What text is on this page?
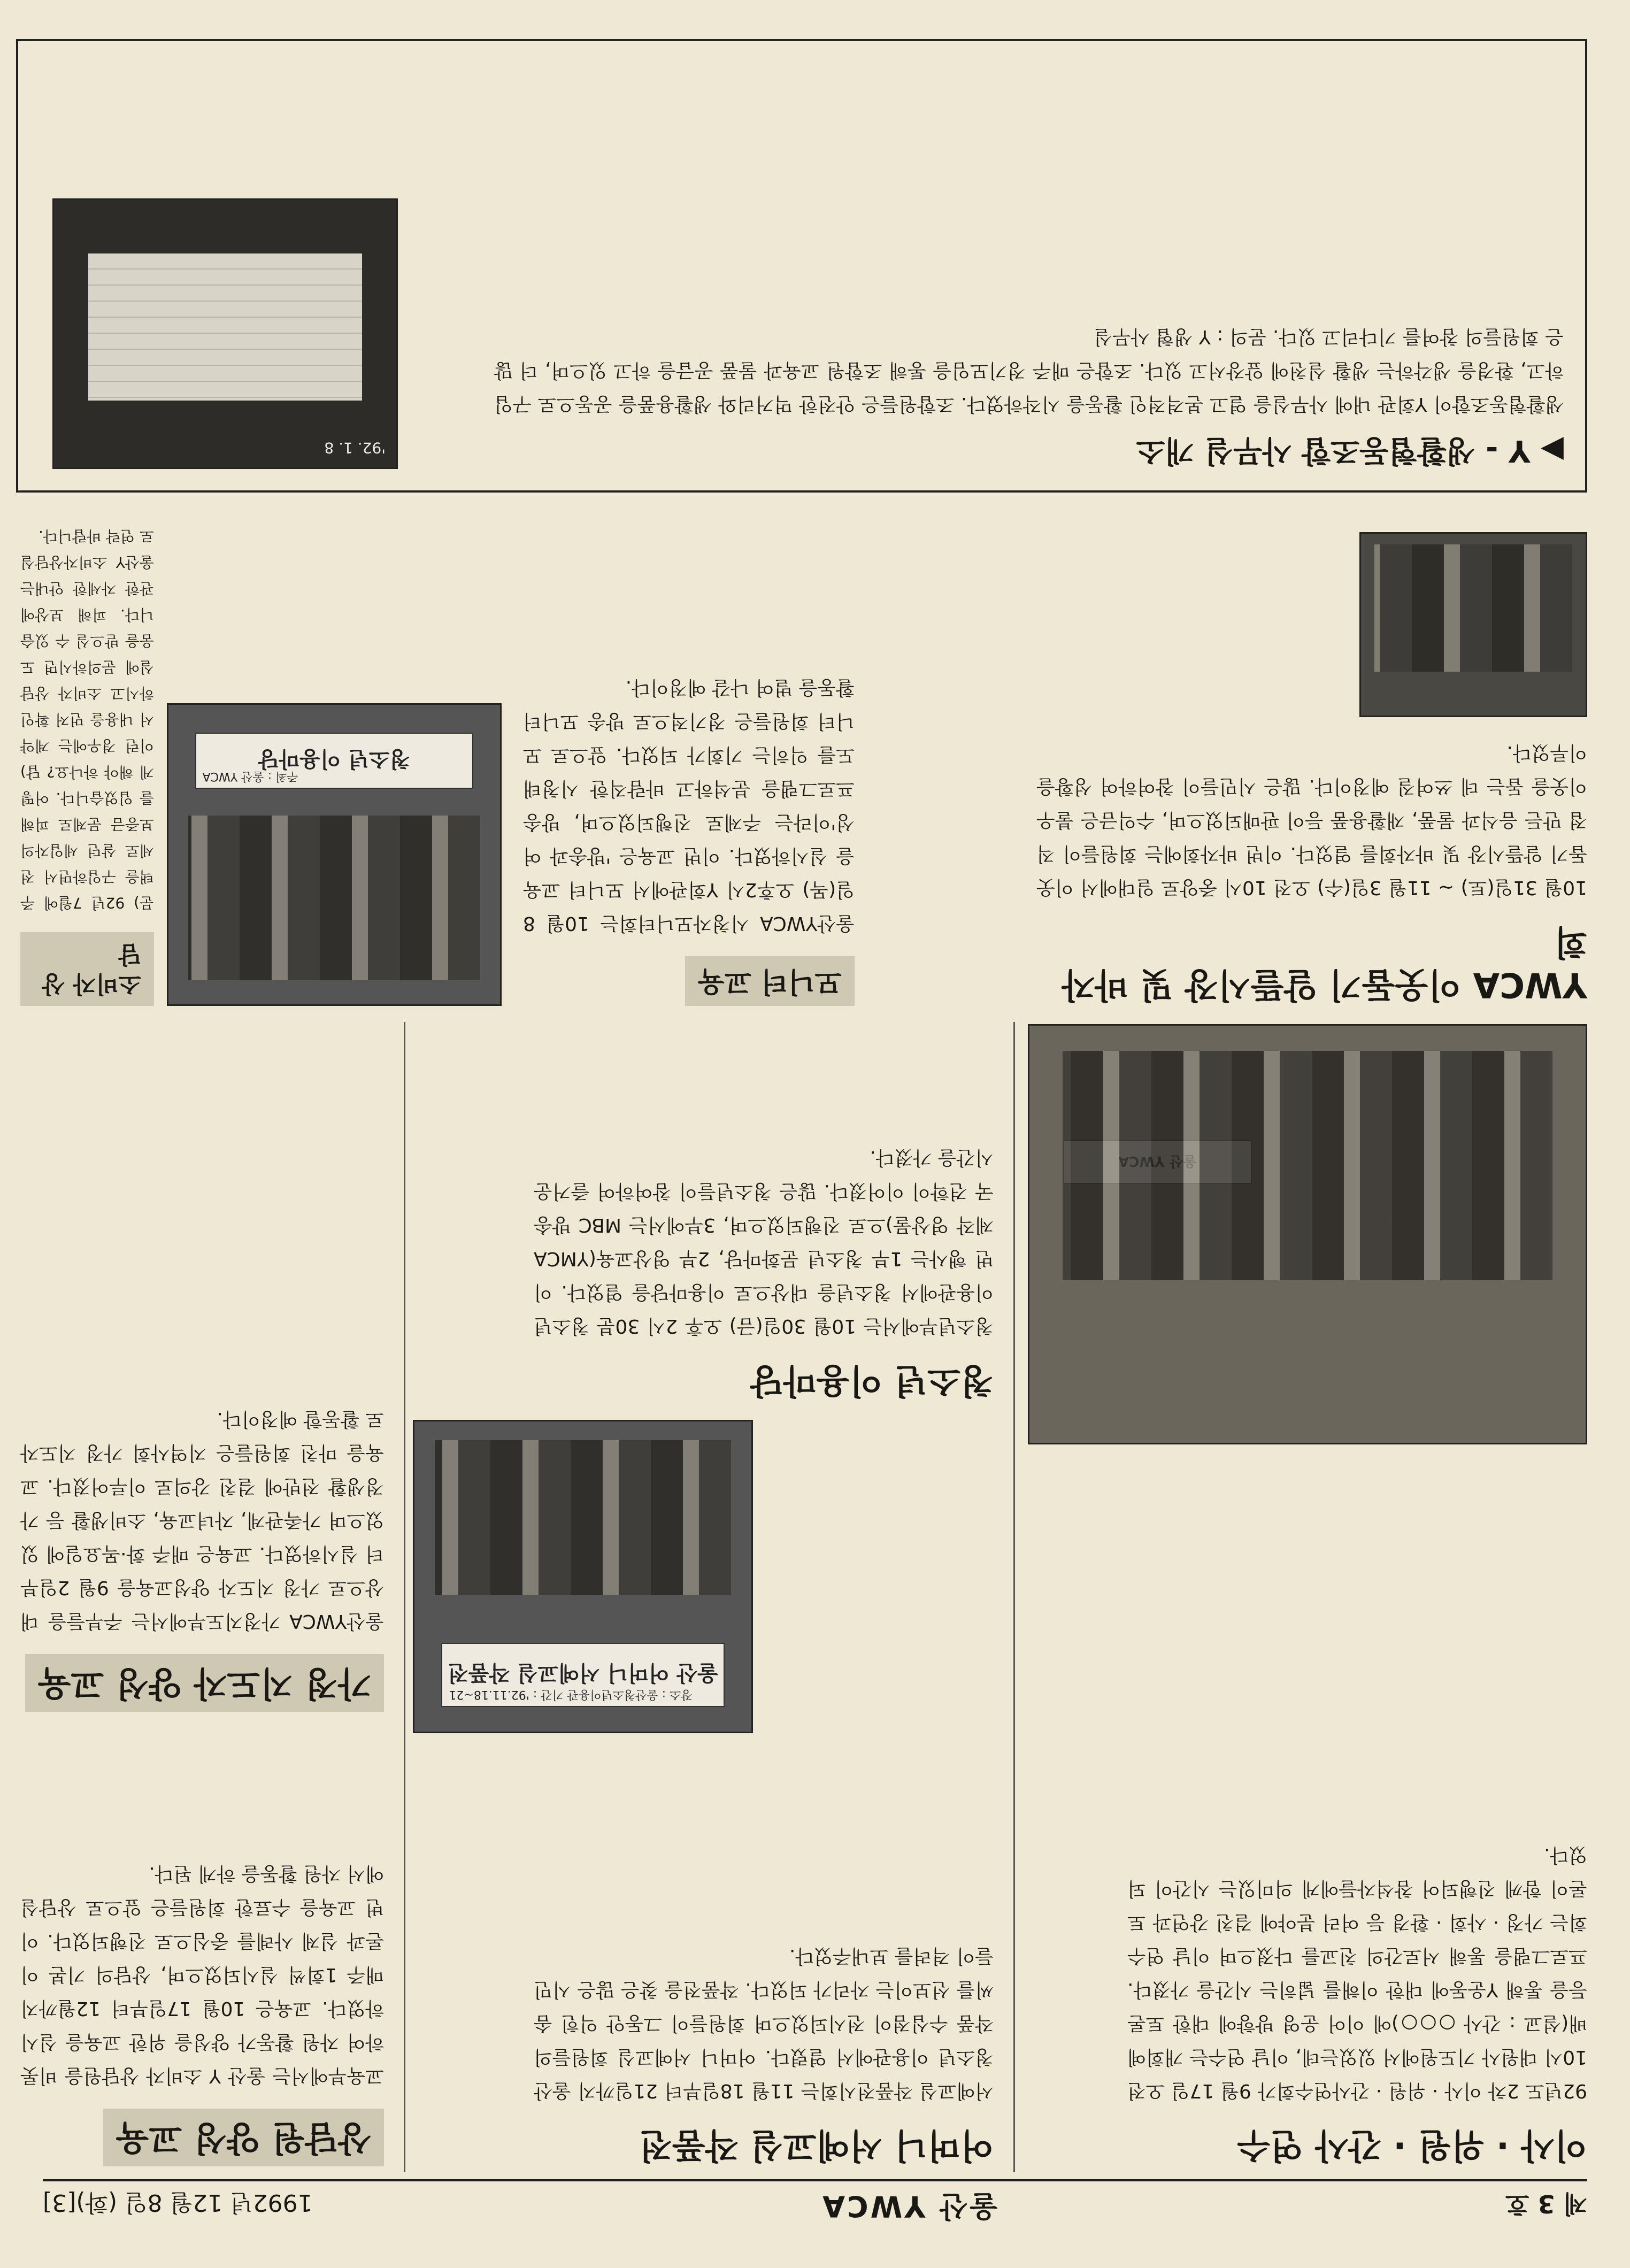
제 3 호
울산 YWCA
1992년 12월 8일 (화)[3]
이사 · 위원 · 간사 연수
92년도 2차 이사 · 위원 · 간사연수회가 9월 17일 오전10시 대원사 기도원에서 있었는데, 이날 연수는 개회예배(설교 : 간사 ○○○)에 이어 운영 방향에 대한 토론 등을 통해 Y운동에 대한 이해를 넓히는 시간을 가졌다. 프로그램을 통해 서로간의 친교를 다졌으며 이날 연수회는 가정 · 사회 · 환경 등 여러 분야에 걸친 강연과 토론이 함께 진행되어 참석자들에게 의미있는 시간이 되었다.
어머니 서예교실 작품전
서예교실 작품전시회는 11월 18일부터 21일까지 울산청소년 이용관에서 열렸다. 어머니 서예교실 회원들의 작품 수십점이 전시되었으며 회원들이 그동안 익힌 솜씨를 선보이는 자리가 되었다. 작품전을 찾은 많은 시민들이 격려를 보내주었다.
울산 어머니 서예교실 작품전
장소 : 울산청소년이용관 기간 : '92.11.18~21
상담원 양성 교육
교육부에서는 울산 Y 소비자 상담원을 비롯하여 자원 활동가 양성을 위한 교육을 실시하였다. 교육은 10월 17일부터 12월까지 매주 1회씩 실시되었으며, 상담의 기본 이론과 실제 사례를 중심으로 진행되었다. 이번 교육을 수료한 회원들은 앞으로 상담실에서 자원 활동을 하게 된다.
가정 지도자 양성 교육
울산YWCA 가정지도부에서는 주부들을 대상으로 가정 지도자 양성교육을 9월 2일부터 실시하였다. 교육은 매주 화·목요일에 있었으며 가족관계, 자녀교육, 소비생활 등 가정생활 전반에 걸친 강의로 이루어졌다. 교육을 마친 회원들은 지역사회 가정 지도자로 활동할 예정이다.
청소년 이용마당
청소년부에서는 10월 30일(금) 오후 2시 30분 청소년이용관에서 청소년을 대상으로 이용마당을 열었다. 이번 행사는 1부 청소년 문화마당, 2부 영상교육(YMCA 제작 영상물)으로 진행되었으며, 3부에서는 MBC 방송국 견학이 이어졌다. 많은 청소년들이 참여하여 즐거운 시간을 가졌다.
YWCA 이웃돕기 알뜰시장 및 바자회
10월 31일(토) ~ 11월 3일(수) 오전 10시 중앙로 일대에서 이웃돕기 알뜰시장 및 바자회를 열었다. 이번 바자회에는 회원들이 직접 만든 음식과 물품, 재활용품 등이 판매되었으며, 수익금은 불우이웃을 돕는 데 쓰여질 예정이다. 많은 시민들이 참여하여 성황을 이루었다.
모니터 교육
울산YWCA 시청자모니터회는 10월 8일(목) 오후2시 Y회관에서 모니터 교육을 실시하였다. 이번 교육은 '방송과 여성'이라는 주제로 진행되었으며, 방송 프로그램을 분석하고 바람직한 시청태도를 익히는 기회가 되었다. 앞으로 모니터 회원들은 정기적으로 방송 모니터 활동을 벌여 나갈 예정이다.
청소년 이용마당
주최 : 울산 YWCA
소비자 상담
문) 92년 7월에 주택을 구입하면서 전세로 살던 세입자의 보증금 문제로 피해를 입었습니다. 어떻게 해야 하나요? 답) 이런 경우에는 계약서 내용을 먼저 확인하시고 소비자 상담실에 문의하시면 도움을 받으실 수 있습니다. 피해 보상에 관한 자세한 안내는 울산Y 소비자상담실로 연락 바랍니다.
▶ Y - 생활협동조합 사무실 개소
생활협동조합이 Y회관 내에 사무실을 열고 본격적인 활동을 시작하였다. 조합원들은 안전한 먹거리와 생활용품을 공동으로 구입하고, 환경을 생각하는 생활 실천에 앞장서고 있다. 조합은 매주 정기모임을 통해 조합원 교육과 물품 공급을 하고 있으며, 더 많은 회원들의 참여를 기다리고 있다. 문의 : Y 생협 사무실
'92. 1. 8
